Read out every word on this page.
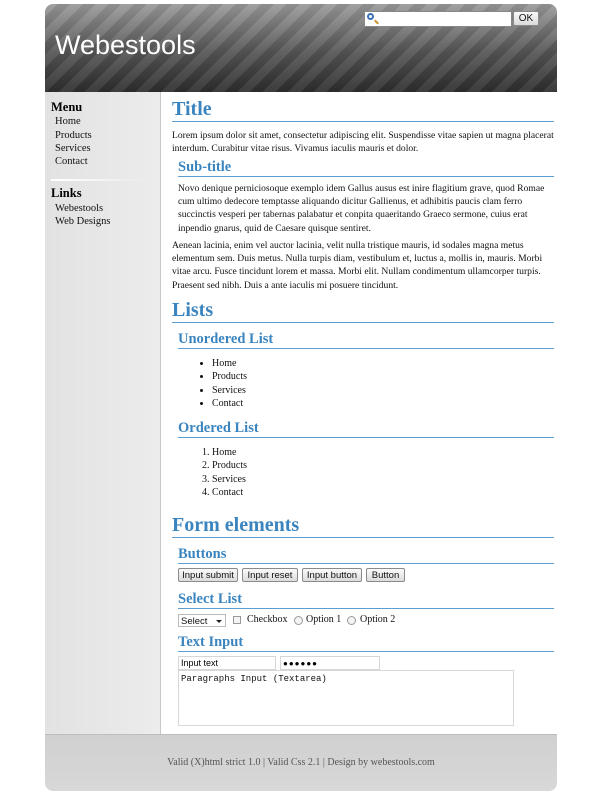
Webestools
OK
Menu
Home
Products
Services
Contact
Links
Webestools
Web Designs
Title

Lorem ipsum dolor sit amet, consectetur adipiscing elit. Suspendisse vitae sapien ut magna placerat interdum. Curabitur vitae risus. Vivamus iaculis mauris et dolor.

Sub-title

Novo denique perniciosoque exemplo idem Gallus ausus est inire flagitium grave, quod Romae cum ultimo dedecore temptasse aliquando dicitur Gallienus, et adhibitis paucis clam ferro succinctis vesperi per tabernas palabatur et conpita quaeritando Graeco sermone, cuius erat inpendio gnarus, quid de Caesare quisque sentiret.

Aenean lacinia, enim vel auctor lacinia, velit nulla tristique mauris, id sodales magna metus elementum sem. Duis metus. Nulla turpis diam, vestibulum et, luctus a, mollis in, mauris. Morbi vitae arcu. Fusce tincidunt lorem et massa. Morbi elit. Nullam condimentum ullamcorper turpis. Praesent sed nibh. Duis a ante iaculis mi posuere tincidunt.

Lists
Unordered List
• Home
• Products
• Services
• Contact
Ordered List
1. Home
2. Products
3. Services
4. Contact
Form elements
Buttons
Input submit	Input reset	Input button	Button
Select List
Select	Checkbox Option 1 Option 2
Text Input
Input text
●●●●●●
Paragraphs Input (Textarea)
Valid (X)html strict 1.0 | Valid Css 2.1 | Design by webestools.com
